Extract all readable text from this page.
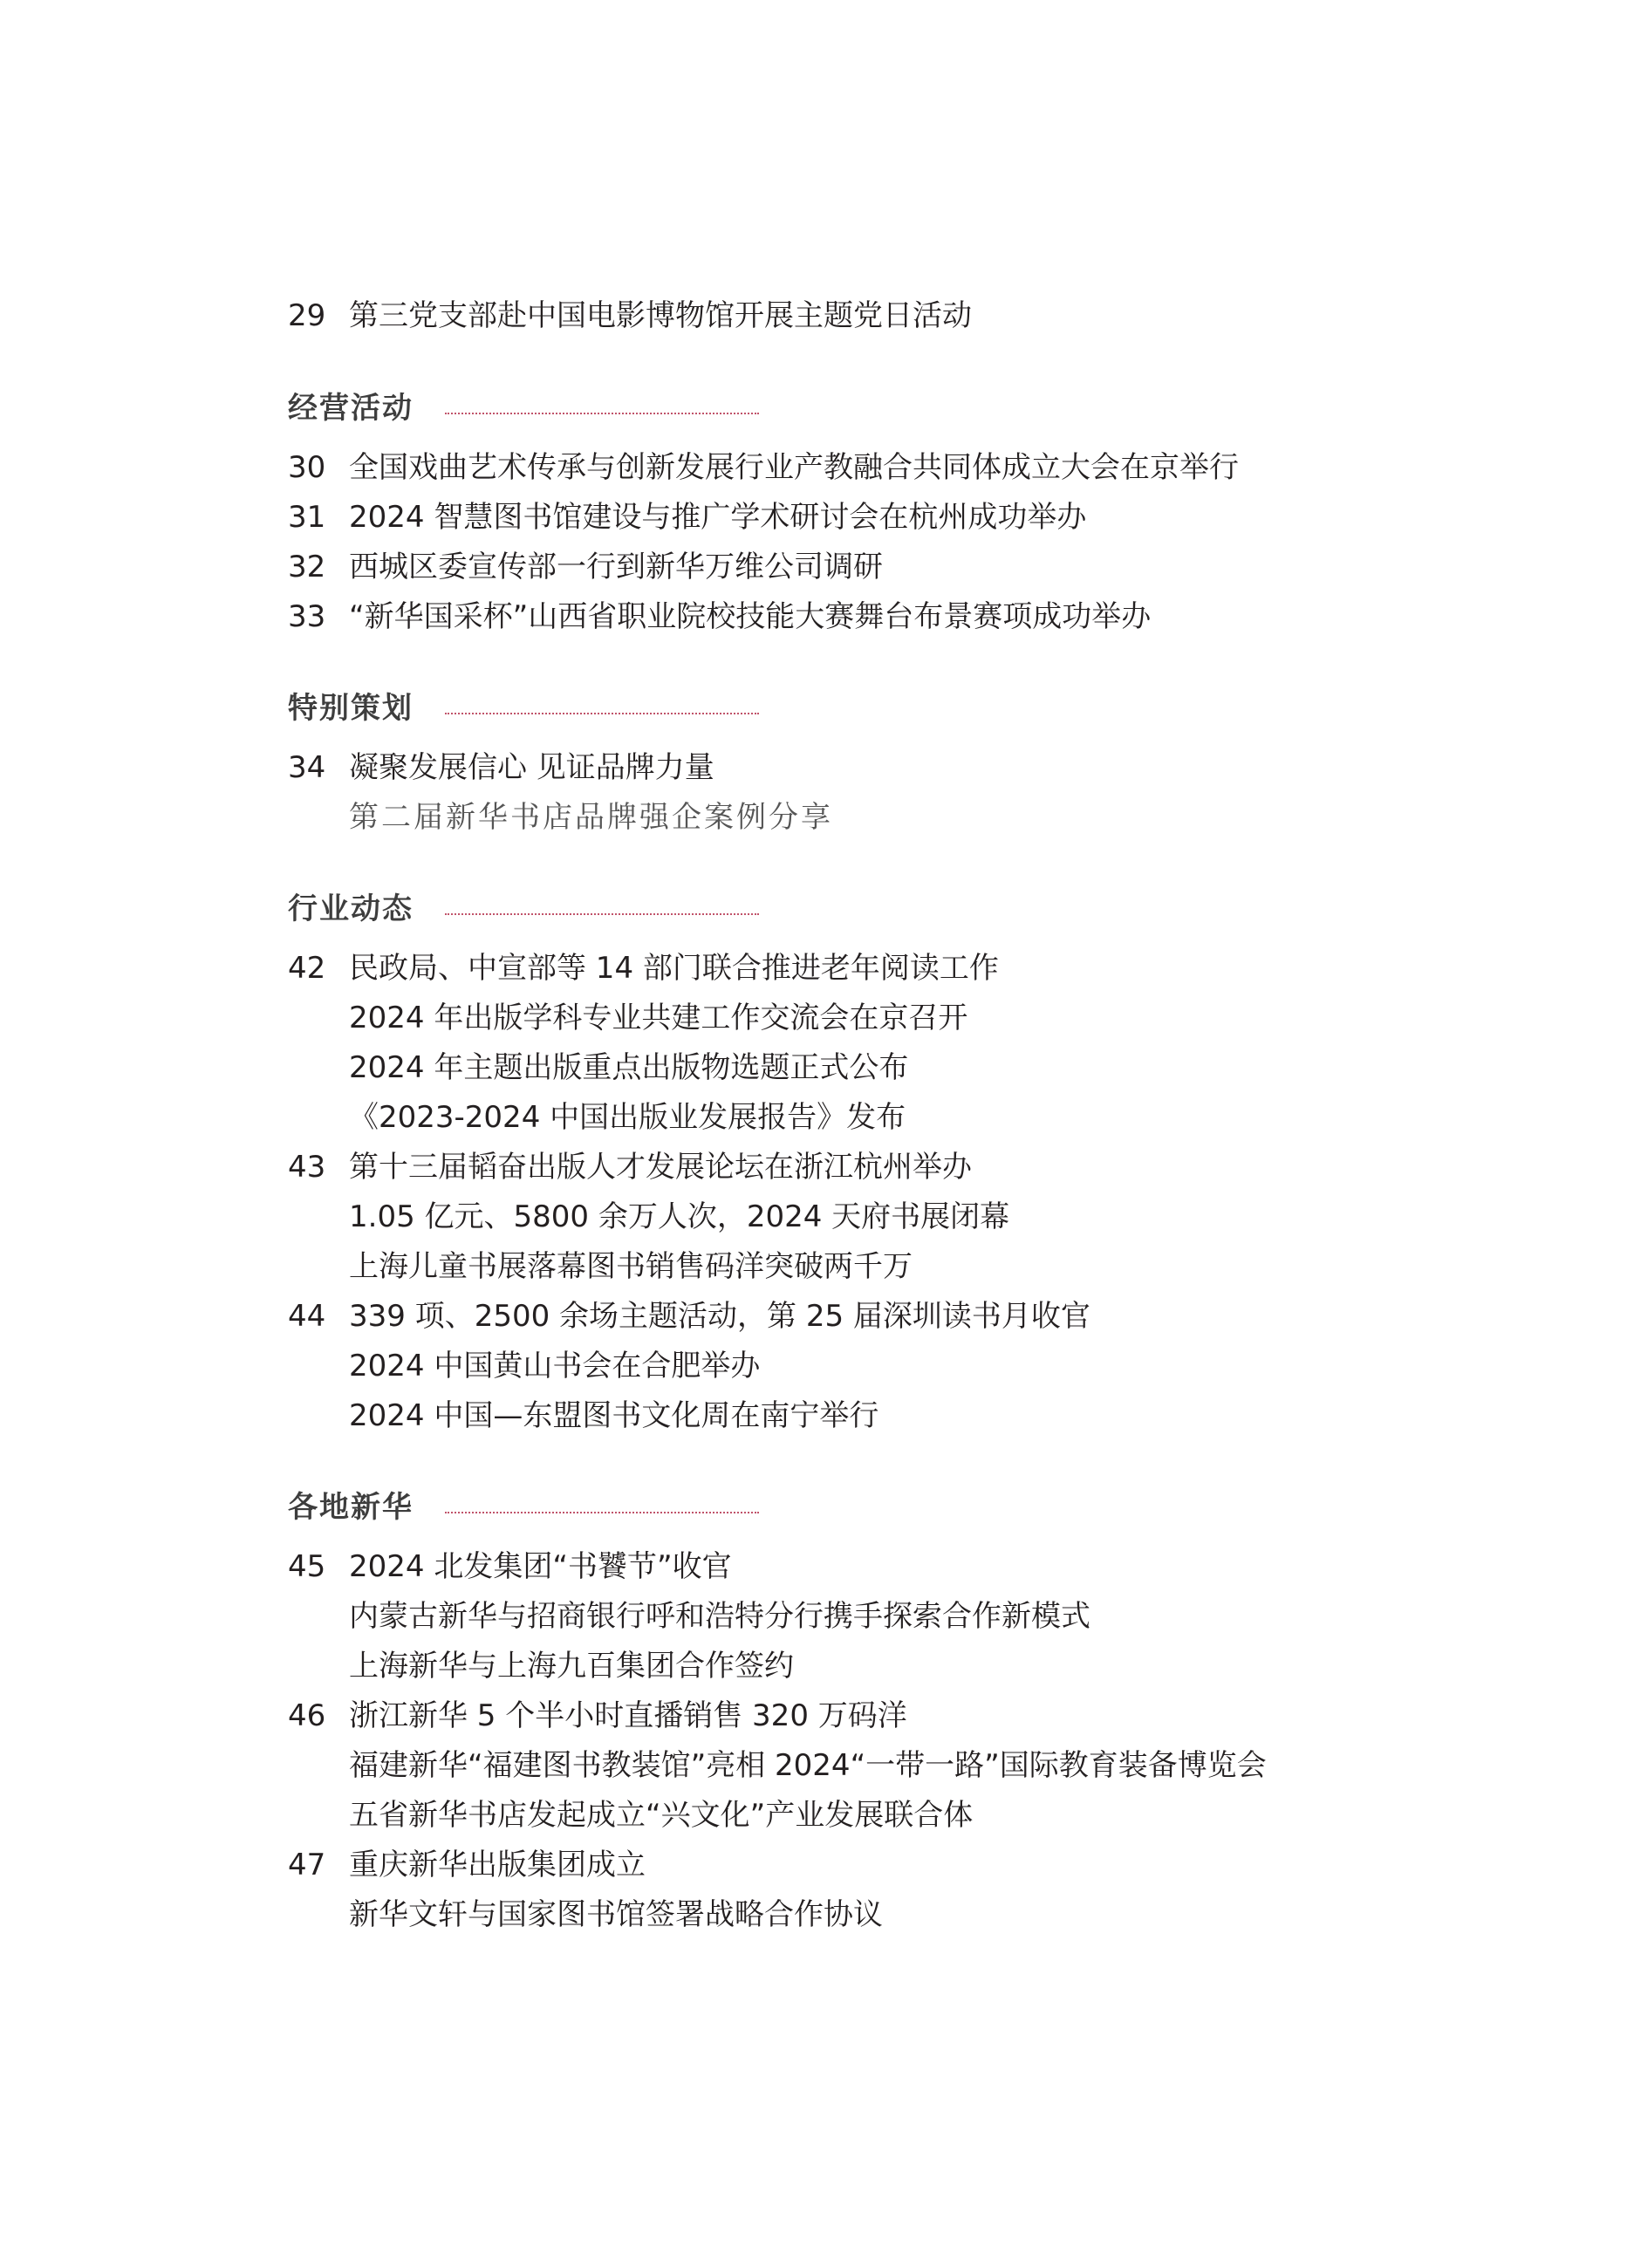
29 第三党支部赴中国电影博物馆开展主题党日活动
经营活动
30 全国戏曲艺术传承与创新发展行业产教融合共同体成立大会在京举行
31 2024 智慧图书馆建设与推广学术研讨会在杭州成功举办
32 西城区委宣传部一行到新华万维公司调研
33 “新华国采杯”山西省职业院校技能大赛舞台布景赛项成功举办
特别策划
34 凝聚发展信心 见证品牌力量
第二届新华书店品牌强企案例分享
行业动态
42 民政局、中宣部等 14 部门联合推进老年阅读工作
2024 年出版学科专业共建工作交流会在京召开
2024 年主题出版重点出版物选题正式公布
《2023-2024 中国出版业发展报告》发布
43 第十三届韬奋出版人才发展论坛在浙江杭州举办
1.05 亿元、5800 余万人次，2024 天府书展闭幕
上海儿童书展落幕图书销售码洋突破两千万
44 339 项、2500 余场主题活动，第 25 届深圳读书月收官
2024 中国黄山书会在合肥举办
2024 中国—东盟图书文化周在南宁举行
各地新华
45 2024 北发集团“书饕节”收官
内蒙古新华与招商银行呼和浩特分行携手探索合作新模式
上海新华与上海九百集团合作签约
46 浙江新华 5 个半小时直播销售 320 万码洋
福建新华“福建图书教装馆”亮相 2024“一带一路”国际教育装备博览会
五省新华书店发起成立“兴文化”产业发展联合体
47 重庆新华出版集团成立
新华文轩与国家图书馆签署战略合作协议
